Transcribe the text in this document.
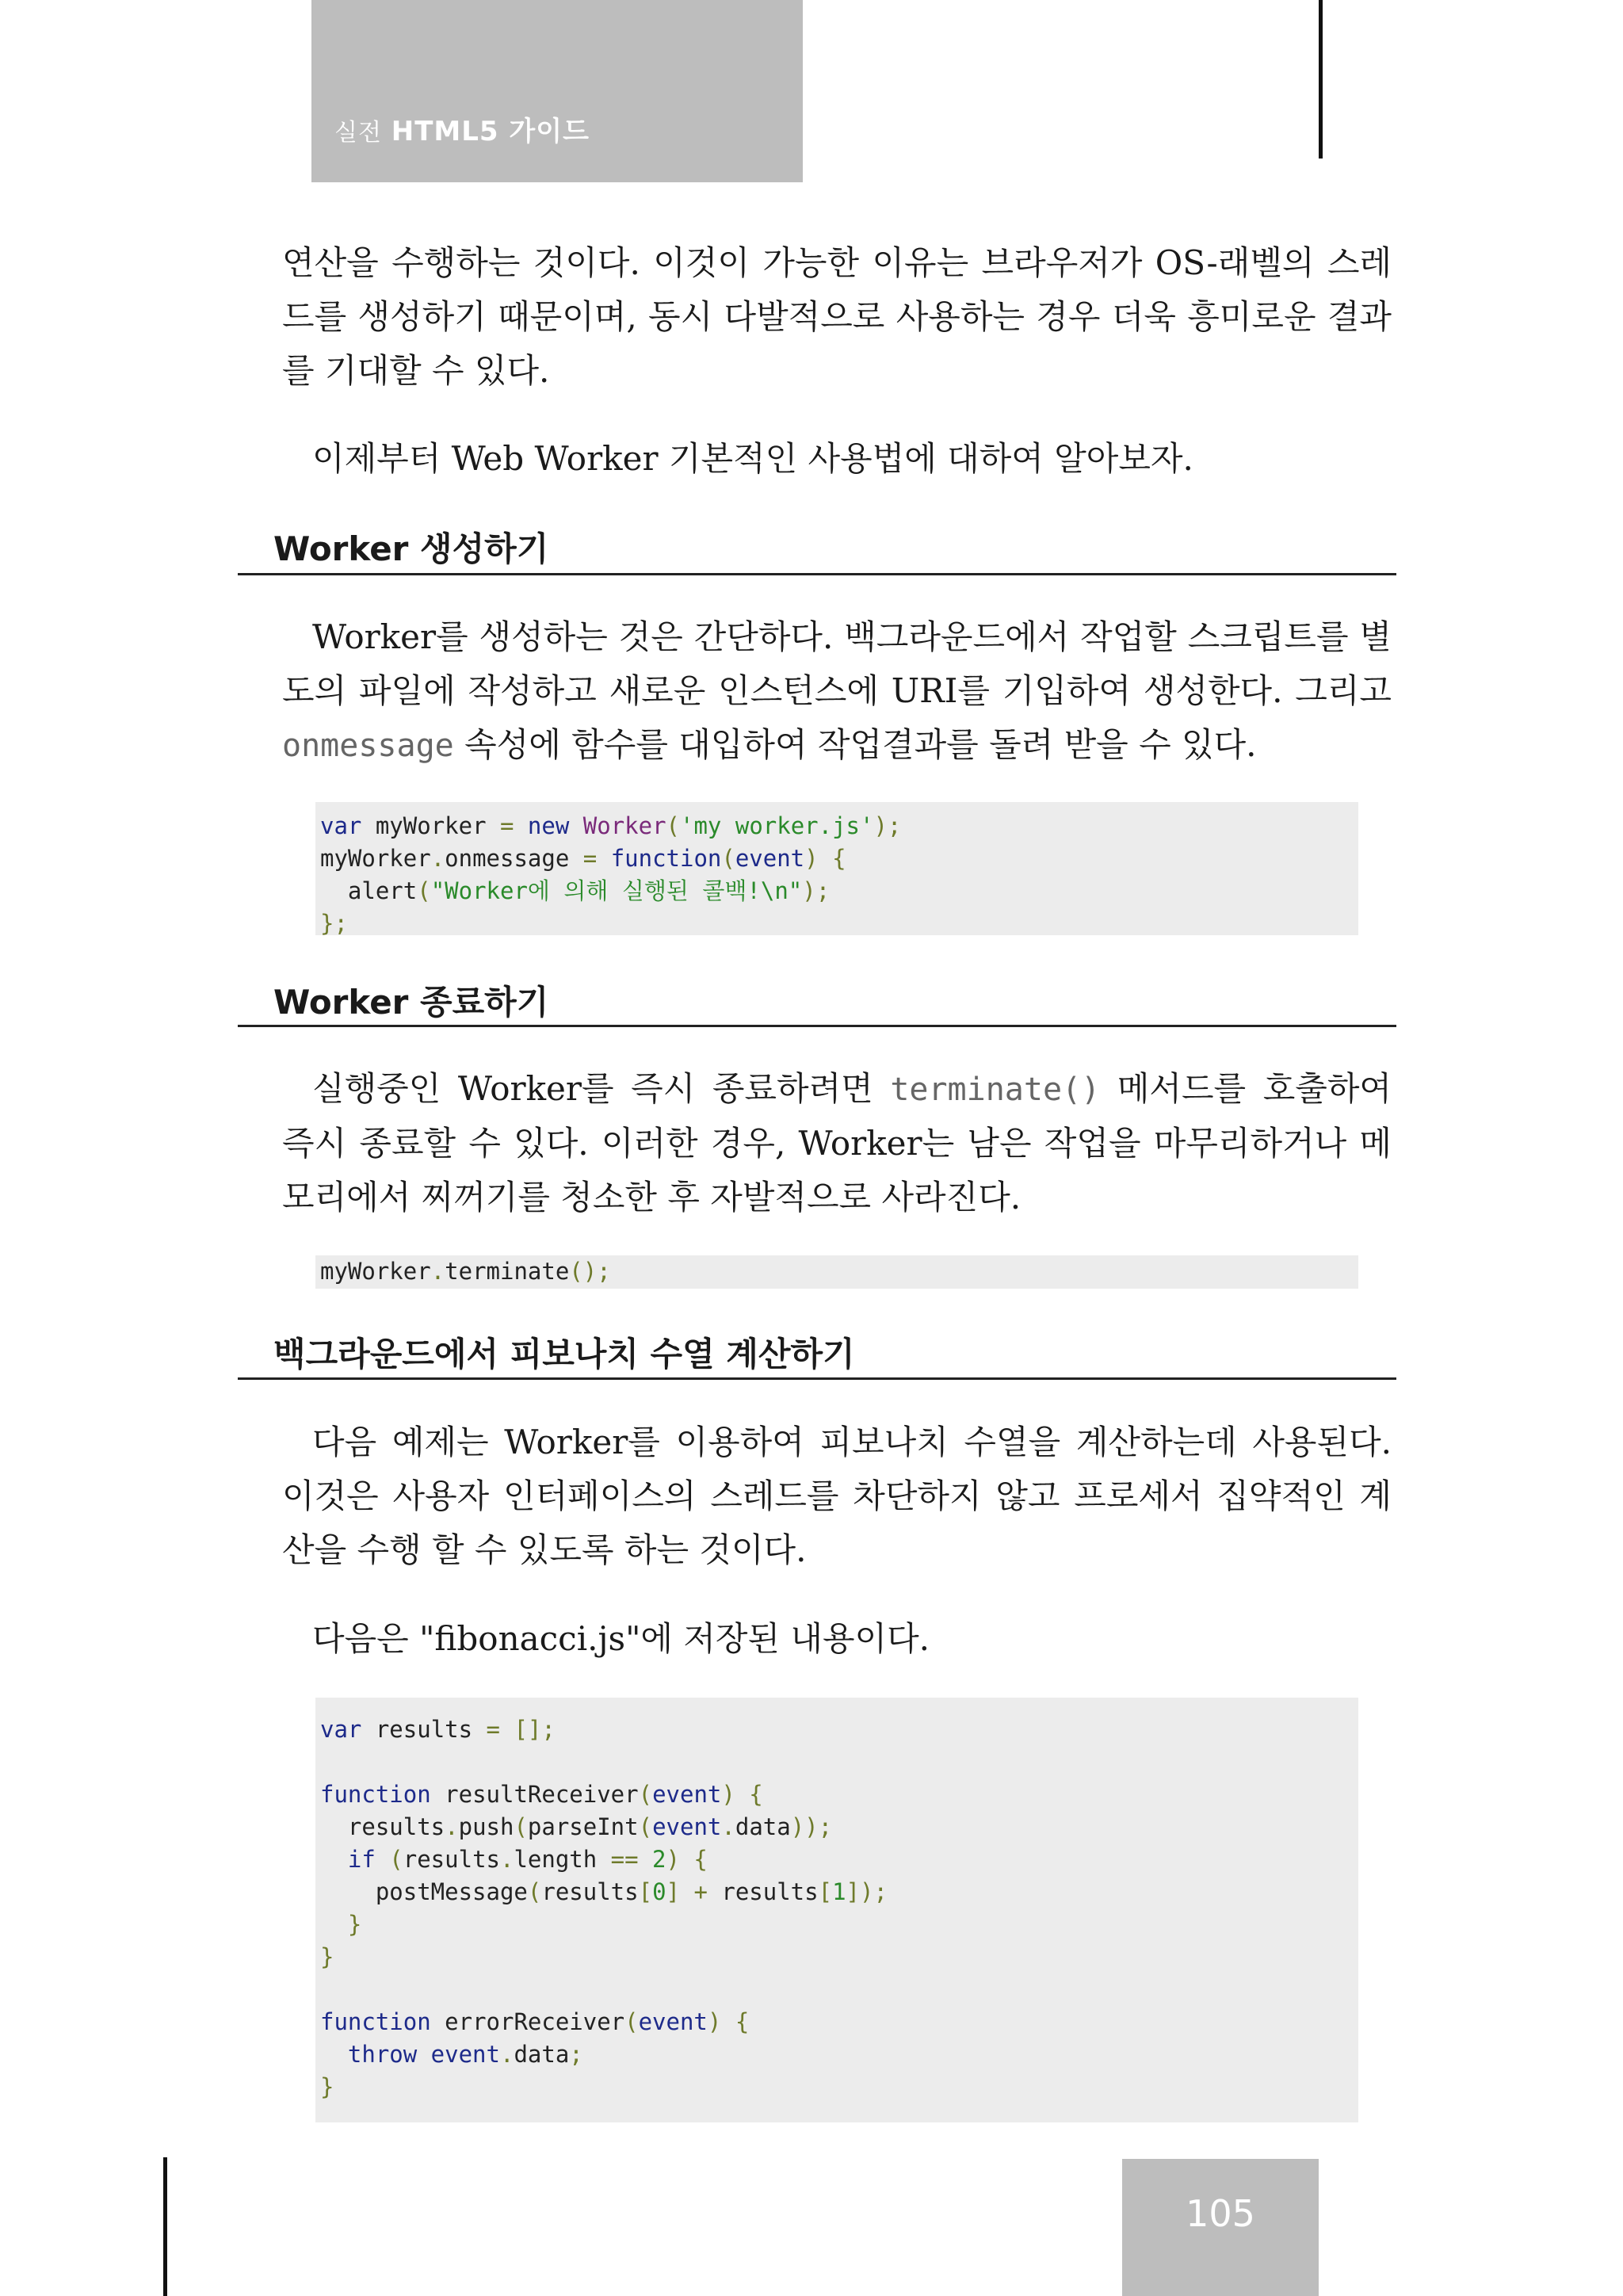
실전 HTML5 가이드

연산을 수행하는 것이다. 이것이 가능한 이유는 브라우저가 OS-래벨의 스레드를 생성하기 때문이며, 동시 다발적으로 사용하는 경우 더욱 흥미로운 결과를 기대할 수 있다.

이제부터 Web Worker 기본적인 사용법에 대하여 알아보자.

Worker 생성하기

Worker를 생성하는 것은 간단하다. 백그라운드에서 작업할 스크립트를 별도의 파일에 작성하고 새로운 인스턴스에 URI를 기입하여 생성한다. 그리고 onmessage 속성에 함수를 대입하여 작업결과를 돌려 받을 수 있다.

var myWorker = new Worker('my worker.js');
myWorker.onmessage = function(event) {
alert("Worker에 의해 실행된 콜백!\n");
};
Worker 종료하기

실행중인 Worker를 즉시 종료하려면 terminate() 메서드를 호출하여 즉시 종료할 수 있다. 이러한 경우, Worker는 남은 작업을 마무리하거나 메모리에서 찌꺼기를 청소한 후 자발적으로 사라진다.

myWorker.terminate();
백그라운드에서 피보나치 수열 계산하기

다음 예제는 Worker를 이용하여 피보나치 수열을 계산하는데 사용된다. 이것은 사용자 인터페이스의 스레드를 차단하지 않고 프로세서 집약적인 계산을 수행 할 수 있도록 하는 것이다.

다음은 "fibonacci.js"에 저장된 내용이다.

var results = [];

function resultReceiver(event) {
results.push(parseInt(event.data));
if (results.length == 2) {
postMessage(results[0] + results[1]);
}
}

function errorReceiver(event) {
throw event.data;
}
105
